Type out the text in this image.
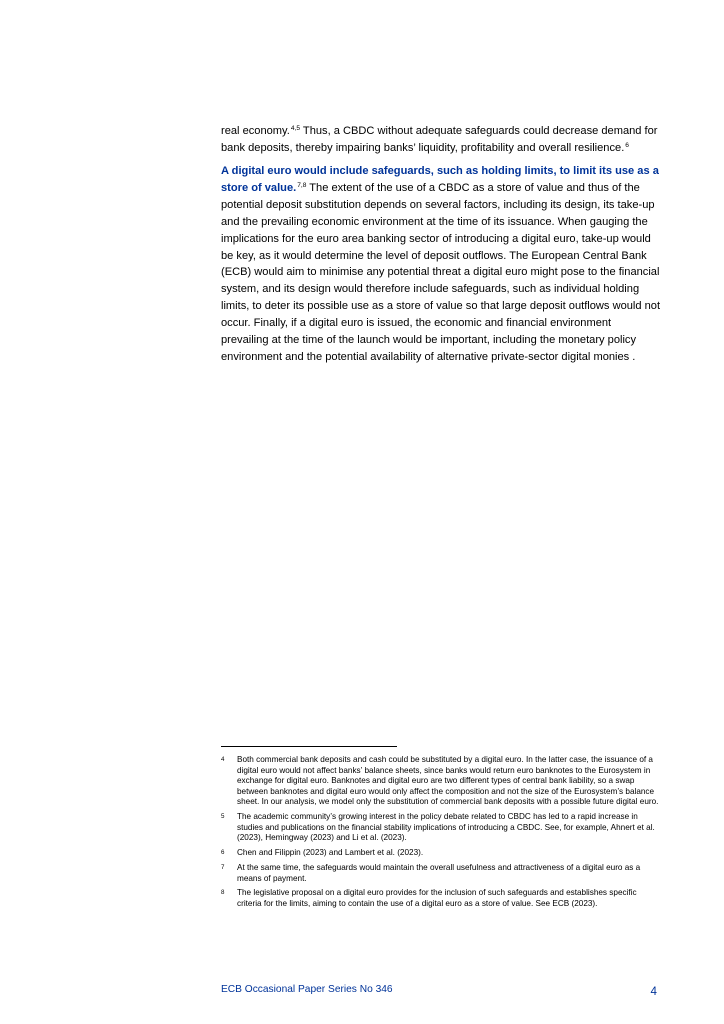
real economy.$^{4,5}$ Thus, a CBDC without adequate safeguards could decrease demand for bank deposits, thereby impairing banks’ liquidity, profitability and overall resilience.$^6$

A digital euro would include safeguards, such as holding limits, to limit its use as a store of value.$^{7,8}$ The extent of the use of a CBDC as a store of value and thus of the potential deposit substitution depends on several factors, including its design, its take-up and the prevailing economic environment at the time of its issuance. When gauging the implications for the euro area banking sector of introducing a digital euro, take-up would be key, as it would determine the level of deposit outflows. The European Central Bank (ECB) would aim to minimise any potential threat a digital euro might pose to the financial system, and its design would therefore include safeguards, such as individual holding limits, to deter its possible use as a store of value so that large deposit outflows would not occur. Finally, if a digital euro is issued, the economic and financial environment prevailing at the time of the launch would be important, including the monetary policy environment and the potential availability of alternative private-sector digital monies .

4	Both commercial bank deposits and cash could be substituted by a digital euro. In the latter case, the issuance of a digital euro would not affect banks’ balance sheets, since banks would return euro banknotes to the Eurosystem in exchange for digital euro. Banknotes and digital euro are two different types of central bank liability, so a swap between banknotes and digital euro would only affect the composition and not the size of the Eurosystem’s balance sheet. In our analysis, we model only the substitution of commercial bank deposits with a possible future digital euro.
5	The academic community’s growing interest in the policy debate related to CBDC has led to a rapid increase in studies and publications on the financial stability implications of introducing a CBDC. See, for example, Ahnert et al. (2023), Hemingway (2023) and Li et al. (2023).
6	Chen and Filippin (2023) and Lambert et al. (2023).
7	At the same time, the safeguards would maintain the overall usefulness and attractiveness of a digital euro as a means of payment.
8	The legislative proposal on a digital euro provides for the inclusion of such safeguards and establishes specific criteria for the limits, aiming to contain the use of a digital euro as a store of value. See ECB (2023).
ECB Occasional Paper Series No 346	4
